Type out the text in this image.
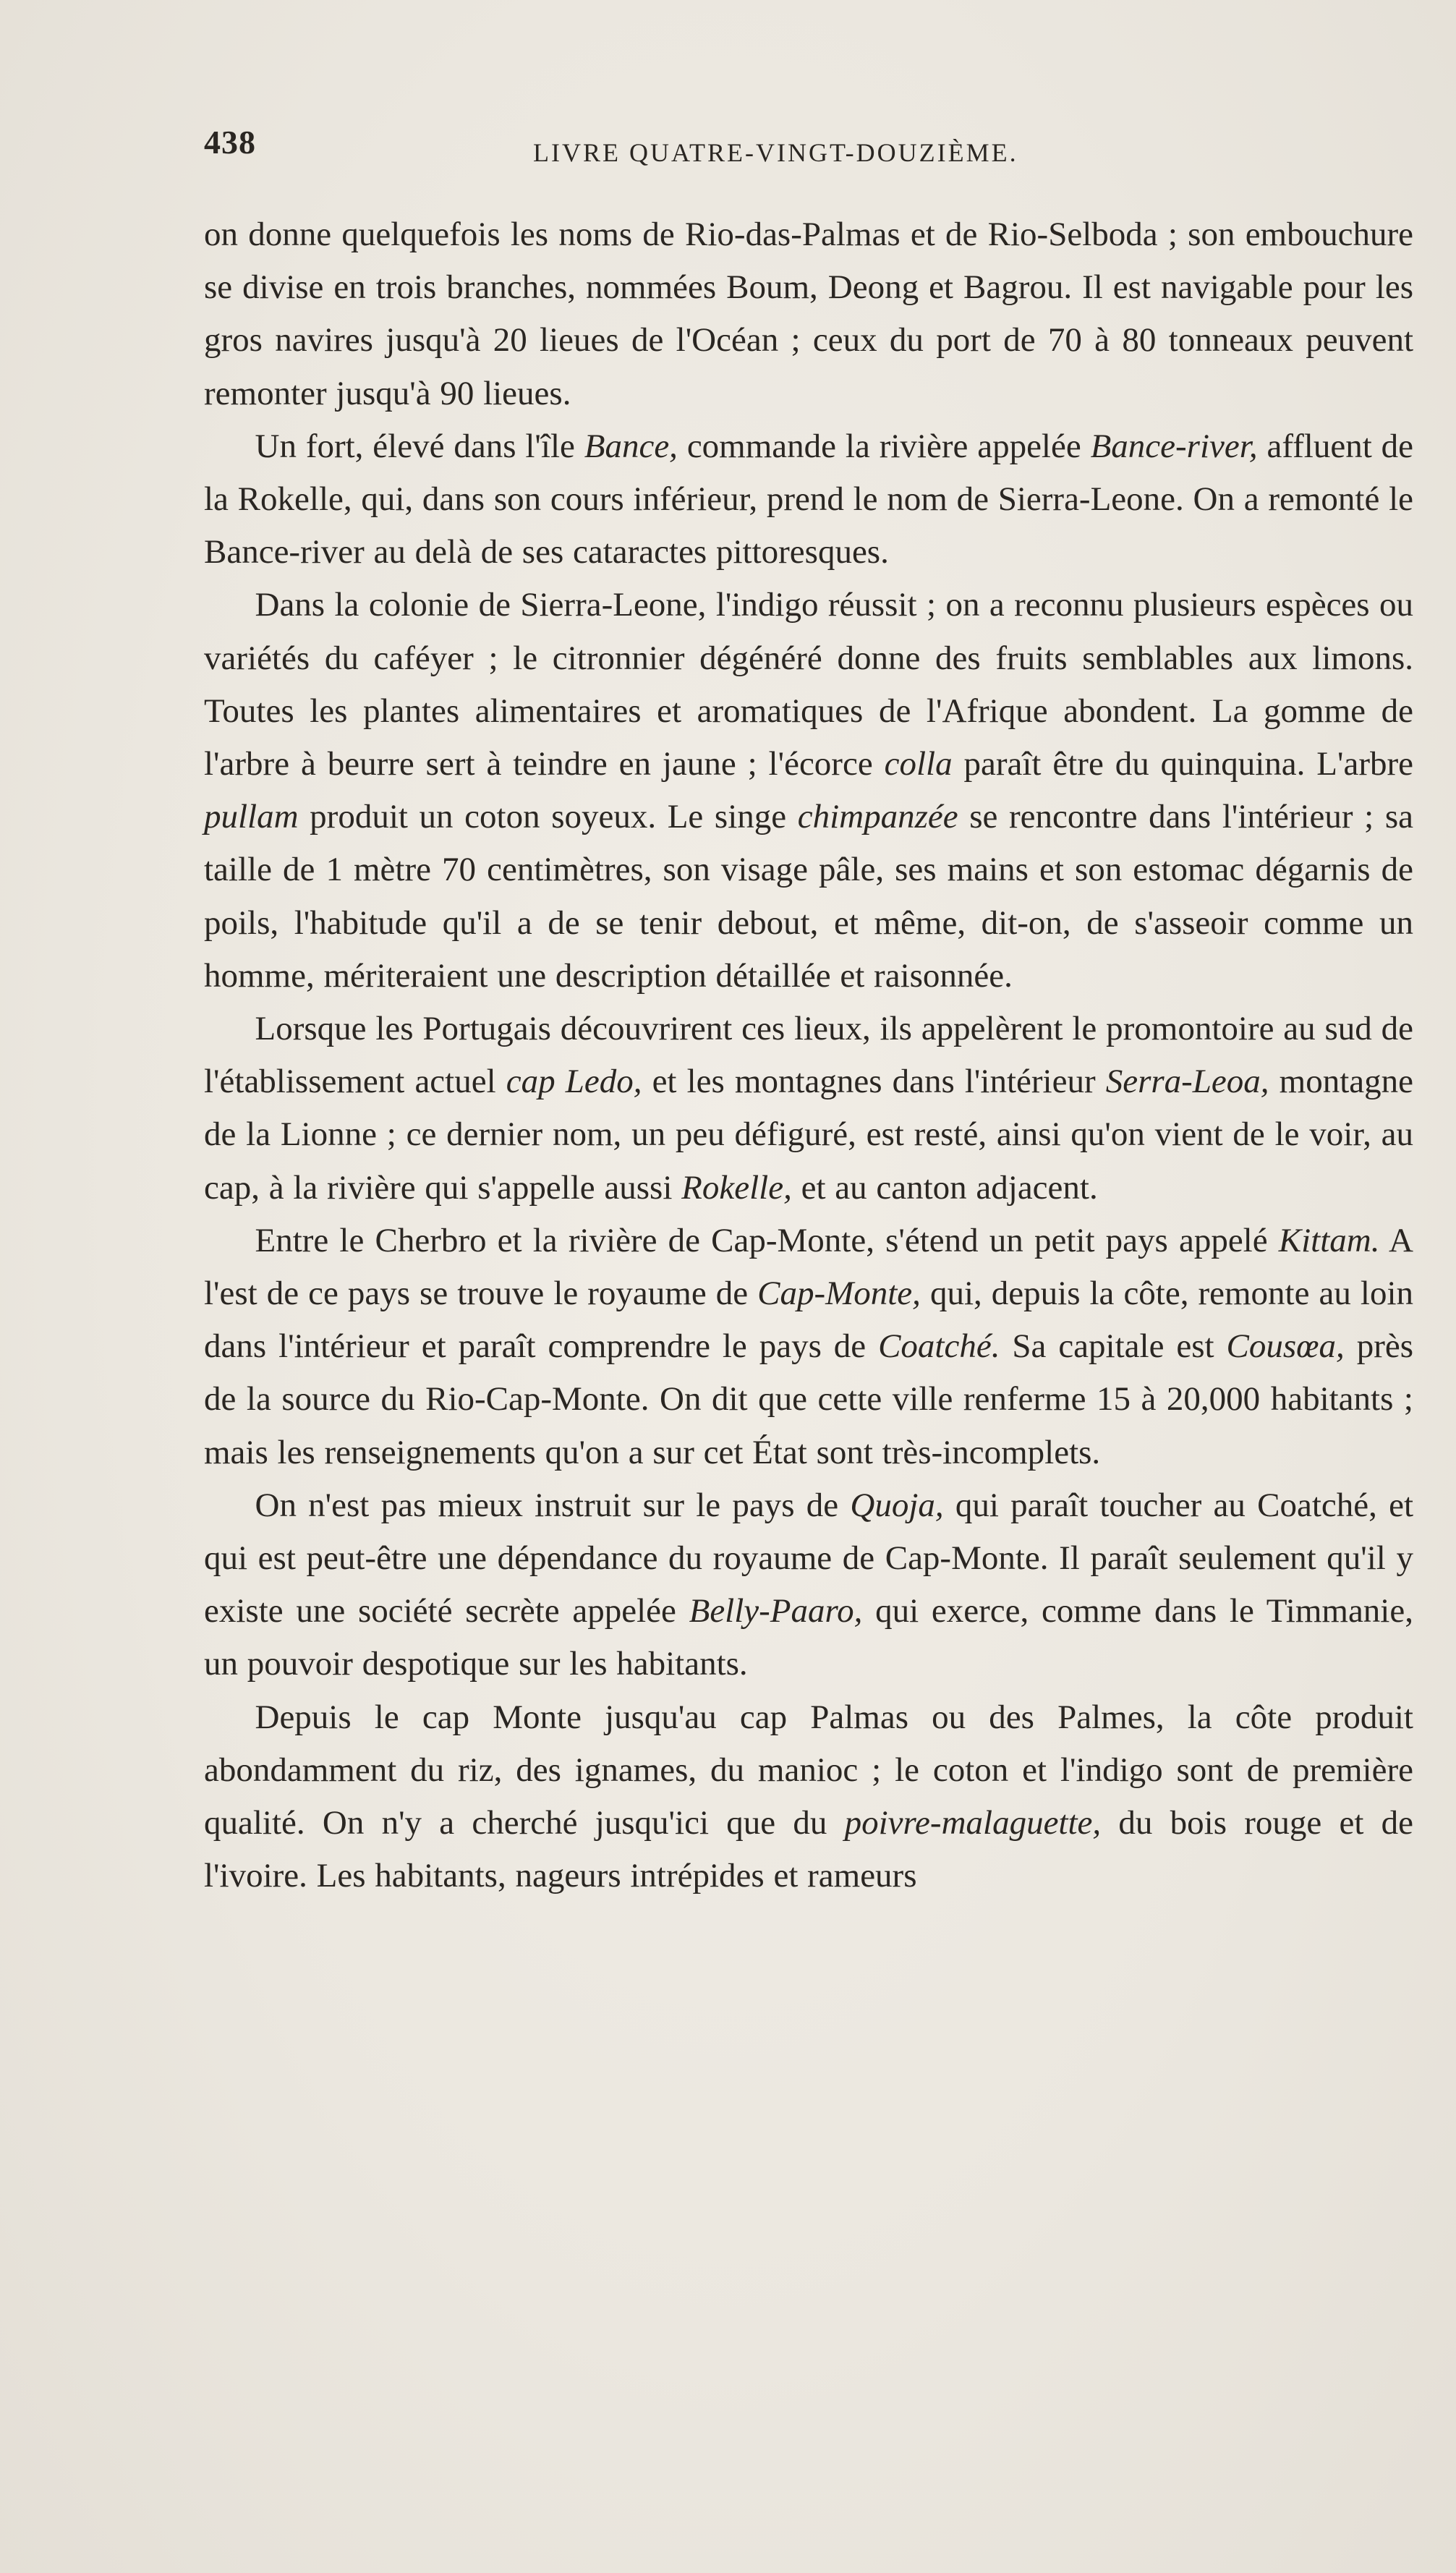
438	LIVRE QUATRE-VINGT-DOUZIÈME.

on donne quelquefois les noms de Rio-das-Palmas et de Rio-Selboda ; son embouchure se divise en trois branches, nommées Boum, Deong et Bagrou. Il est navigable pour les gros navires jusqu'à 20 lieues de l'Océan ; ceux du port de 70 à 80 tonneaux peuvent remonter jusqu'à 90 lieues.

Un fort, élevé dans l'île Bance, commande la rivière appelée Bance-river, affluent de la Rokelle, qui, dans son cours inférieur, prend le nom de Sierra-Leone. On a remonté le Bance-river au delà de ses cataractes pittoresques.

Dans la colonie de Sierra-Leone, l'indigo réussit ; on a reconnu plusieurs espèces ou variétés du caféyer ; le citronnier dégénéré donne des fruits semblables aux limons. Toutes les plantes alimentaires et aromatiques de l'Afrique abondent. La gomme de l'arbre à beurre sert à teindre en jaune ; l'écorce colla paraît être du quinquina. L'arbre pullam produit un coton soyeux. Le singe chimpanzée se rencontre dans l'intérieur ; sa taille de 1 mètre 70 centimètres, son visage pâle, ses mains et son estomac dégarnis de poils, l'habitude qu'il a de se tenir debout, et même, dit-on, de s'asseoir comme un homme, mériteraient une description détaillée et raisonnée.

Lorsque les Portugais découvrirent ces lieux, ils appelèrent le promontoire au sud de l'établissement actuel cap Ledo, et les montagnes dans l'intérieur Serra-Leoa, montagne de la Lionne ; ce dernier nom, un peu défiguré, est resté, ainsi qu'on vient de le voir, au cap, à la rivière qui s'appelle aussi Rokelle, et au canton adjacent.

Entre le Cherbro et la rivière de Cap-Monte, s'étend un petit pays appelé Kittam. A l'est de ce pays se trouve le royaume de Cap-Monte, qui, depuis la côte, remonte au loin dans l'intérieur et paraît comprendre le pays de Coatché. Sa capitale est Cousœa, près de la source du Rio-Cap-Monte. On dit que cette ville renferme 15 à 20,000 habitants ; mais les renseignements qu'on a sur cet État sont très-incomplets.

On n'est pas mieux instruit sur le pays de Quoja, qui paraît toucher au Coatché, et qui est peut-être une dépendance du royaume de Cap-Monte. Il paraît seulement qu'il y existe une société secrète appelée Belly-Paaro, qui exerce, comme dans le Timmanie, un pouvoir despotique sur les habitants.

Depuis le cap Monte jusqu'au cap Palmas ou des Palmes, la côte produit abondamment du riz, des ignames, du manioc ; le coton et l'indigo sont de première qualité. On n'y a cherché jusqu'ici que du poivre-malaguette, du bois rouge et de l'ivoire. Les habitants, nageurs intrépides et rameurs
